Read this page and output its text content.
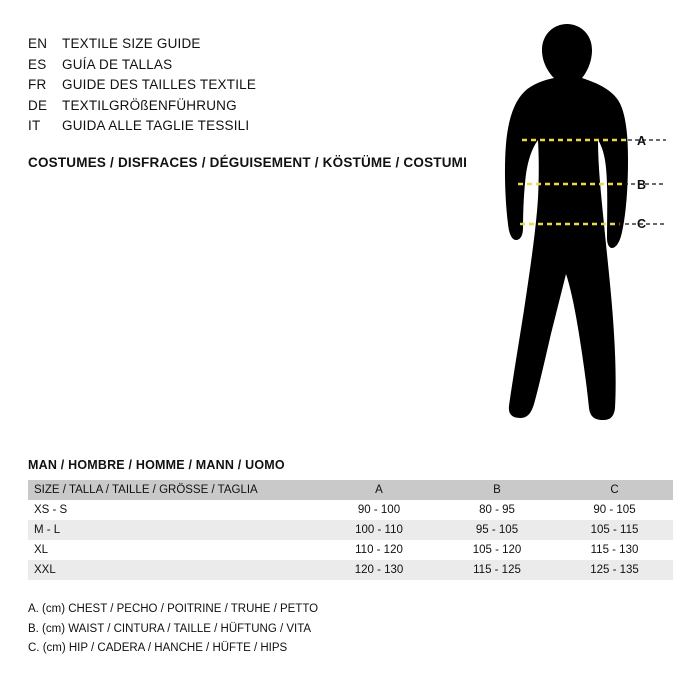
EN	TEXTILE SIZE GUIDE
ES	GUÍA DE TALLAS
FR	GUIDE DES TAILLES TEXTILE
DE	TEXTILGRÖßENFÜHRUNG
IT	GUIDA ALLE TAGLIE TESSILI
COSTUMES / DISFRACES / DÉGUISEMENT / KÖSTÜME / COSTUMI
A
B
C
MAN / HOMBRE / HOMME / MANN / UOMO
SIZE / TALLA / TAILLE / GRÖSSE / TAGLIA	A	B	C
XS - S	90 - 100	80 - 95	90 - 105
M - L	100 - 110	95 - 105	105 - 115
XL	110 - 120	105 - 120	115 - 130
XXL	120 - 130	115 - 125	125 - 135
A. (cm) CHEST / PECHO / POITRINE / TRUHE / PETTO
B. (cm) WAIST / CINTURA / TAILLE / HÜFTUNG / VITA
C. (cm) HIP / CADERA / HANCHE / HÜFTE / HIPS
